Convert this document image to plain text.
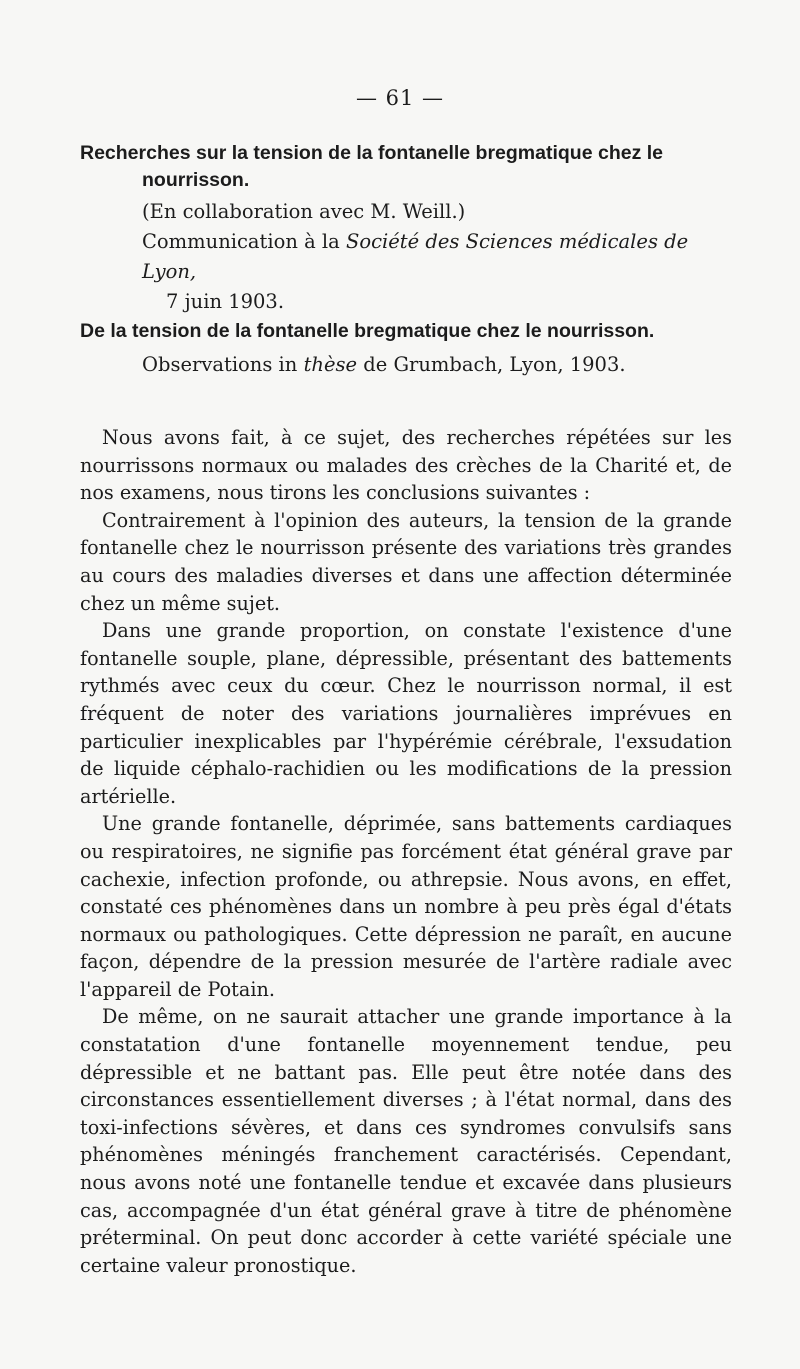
— 61 —

Recherches sur la tension de la fontanelle bregmatique chez le nourrisson.

(En collaboration avec M. Weill.)

Communication à la Société des Sciences médicales de Lyon,

7 juin 1903.

De la tension de la fontanelle bregmatique chez le nourrisson.

Observations in thèse de Grumbach, Lyon, 1903.

Nous avons fait, à ce sujet, des recherches répétées sur les nourrissons normaux ou malades des crèches de la Charité et, de nos examens, nous tirons les conclusions suivantes :

Contrairement à l'opinion des auteurs, la tension de la grande fontanelle chez le nourrisson présente des variations très grandes au cours des maladies diverses et dans une affection déterminée chez un même sujet.

Dans une grande proportion, on constate l'existence d'une fontanelle souple, plane, dépressible, présentant des battements rythmés avec ceux du cœur. Chez le nourrisson normal, il est fréquent de noter des variations journalières imprévues en particulier inexplicables par l'hypérémie cérébrale, l'exsudation de liquide céphalo-rachidien ou les modifications de la pression artérielle.

Une grande fontanelle, déprimée, sans battements cardiaques ou respiratoires, ne signifie pas forcément état général grave par cachexie, infection profonde, ou athrepsie. Nous avons, en effet, constaté ces phénomènes dans un nombre à peu près égal d'états normaux ou pathologiques. Cette dépression ne paraît, en aucune façon, dépendre de la pression mesurée de l'artère radiale avec l'appareil de Potain.

De même, on ne saurait attacher une grande importance à la constatation d'une fontanelle moyennement tendue, peu dépressible et ne battant pas. Elle peut être notée dans des circonstances essentiellement diverses ; à l'état normal, dans des toxi-infections sévères, et dans ces syndromes convulsifs sans phénomènes méningés franchement caractérisés. Cependant, nous avons noté une fontanelle tendue et excavée dans plusieurs cas, accompagnée d'un état général grave à titre de phénomène préterminal. On peut donc accorder à cette variété spéciale une certaine valeur pronostique.
